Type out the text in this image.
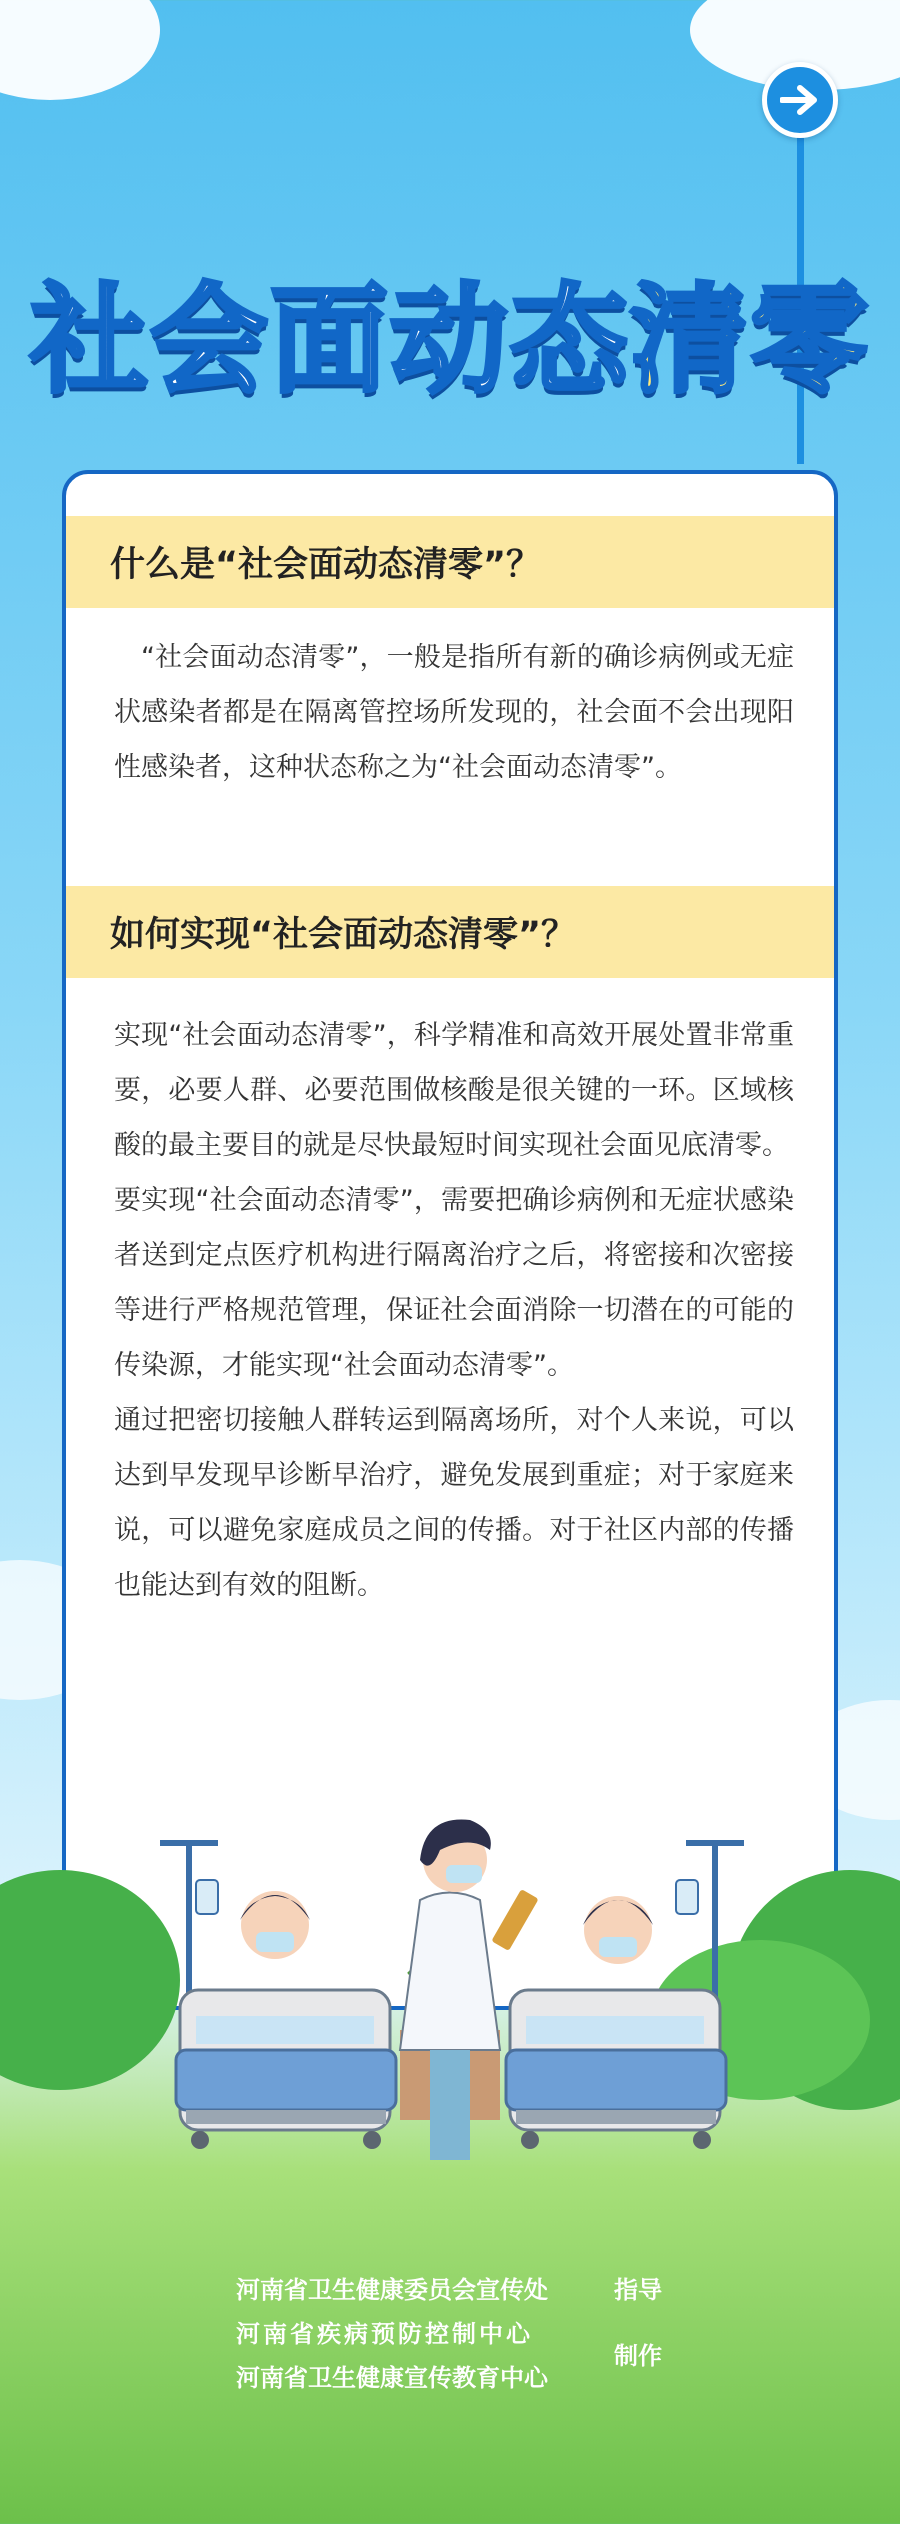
社会面动态清零
什么是“社会面动态清零”？

“社会面动态清零”，一般是指所有新的确诊病例或无症状感染者都是在隔离管控场所发现的，社会面不会出现阳性感染者，这种状态称之为“社会面动态清零”。

如何实现“社会面动态清零”？

实现“社会面动态清零”，科学精准和高效开展处置非常重要，必要人群、必要范围做核酸是很关键的一环。区域核酸的最主要目的就是尽快最短时间实现社会面见底清零。

要实现“社会面动态清零”，需要把确诊病例和无症状感染者送到定点医疗机构进行隔离治疗之后，将密接和次密接等进行严格规范管理，保证社会面消除一切潜在的可能的传染源，才能实现“社会面动态清零”。

通过把密切接触人群转运到隔离场所，对个人来说，可以达到早发现早诊断早治疗，避免发展到重症；对于家庭来说，可以避免家庭成员之间的传播。对于社区内部的传播也能达到有效的阻断。

河南省卫生健康委员会宣传处	指导
河南省疾病预防控制中心
河南省卫生健康宣传教育中心
制作
